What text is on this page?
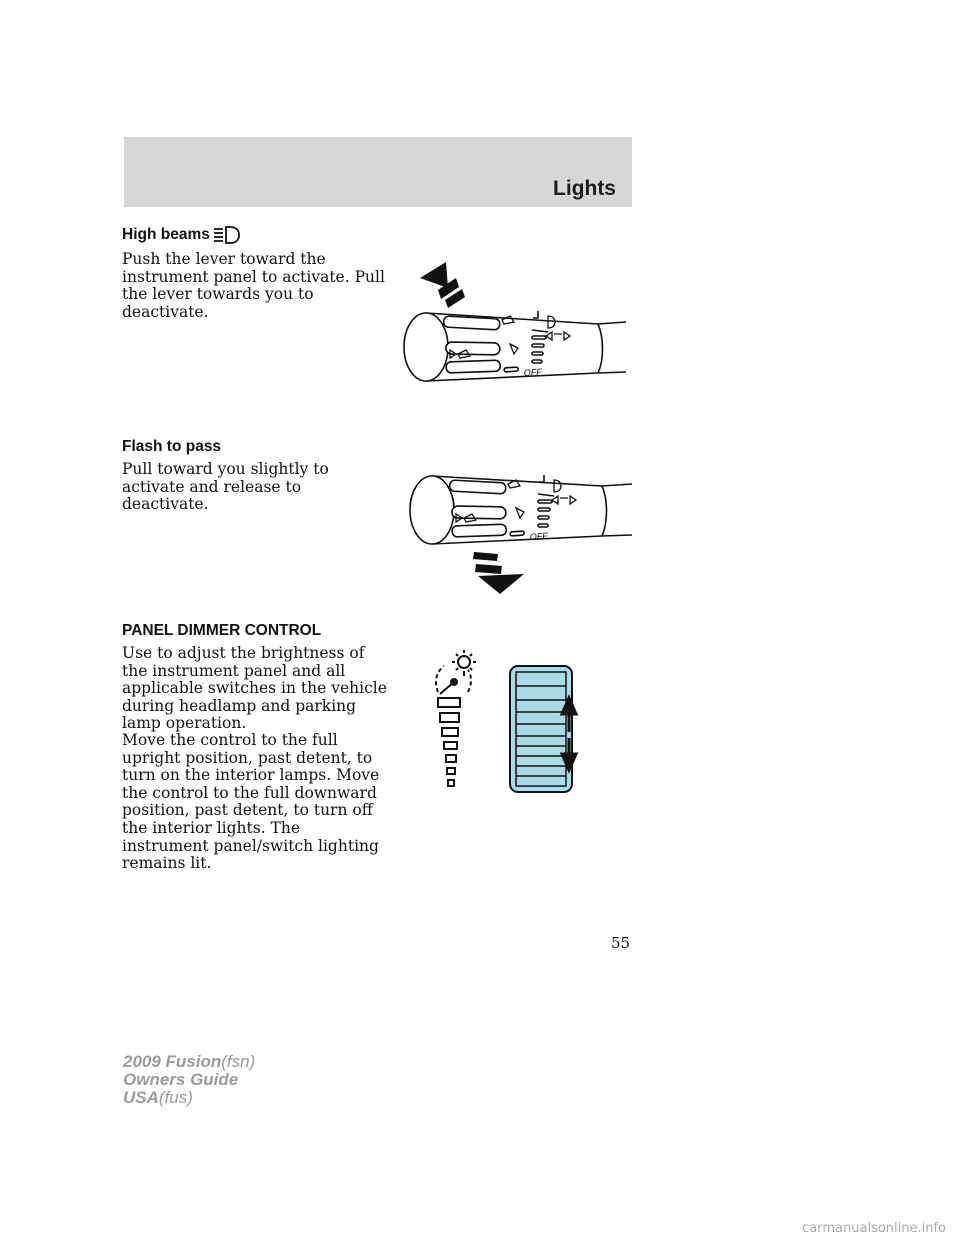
Lights
High beams
Push the lever toward the instrument panel to activate. Pull the lever towards you to deactivate.
OFF
Flash to pass
Pull toward you slightly to activate and release to deactivate.
OFF
PANEL DIMMER CONTROL
Use to adjust the brightness of the instrument panel and all applicable switches in the vehicle during headlamp and parking lamp operation.
Move the control to the full upright position, past detent, to turn on the interior lamps. Move the control to the full downward position, past detent, to turn off the interior lights. The instrument panel/switch lighting remains lit.
55
2009 Fusion(fsn)
Owners Guide
USA(fus)
carmanualsonline.info
